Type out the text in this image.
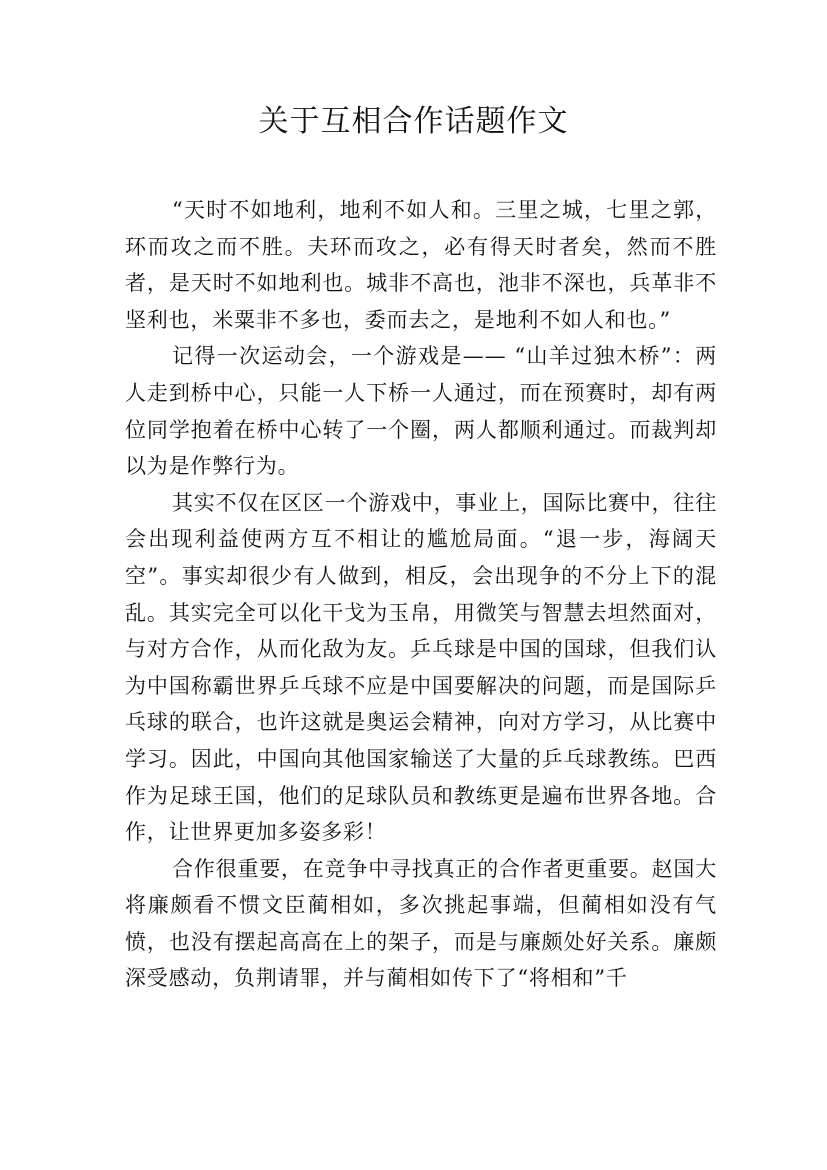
关于互相合作话题作文

“天时不如地利，地利不如人和。三里之城，七里之郭，环而攻之而不胜。夫环而攻之，必有得天时者矣，然而不胜者，是天时不如地利也。城非不高也，池非不深也，兵革非不坚利也，米粟非不多也，委而去之，是地利不如人和也。”

记得一次运动会，一个游戏是—— “山羊过独木桥”：两人走到桥中心，只能一人下桥一人通过，而在预赛时，却有两位同学抱着在桥中心转了一个圈，两人都顺利通过。而裁判却以为是作弊行为。

其实不仅在区区一个游戏中，事业上，国际比赛中，往往会出现利益使两方互不相让的尴尬局面。“退一步，海阔天空”。事实却很少有人做到，相反，会出现争的不分上下的混乱。其实完全可以化干戈为玉帛，用微笑与智慧去坦然面对，与对方合作，从而化敌为友。乒乓球是中国的国球，但我们认为中国称霸世界乒乓球不应是中国要解决的问题，而是国际乒乓球的联合，也许这就是奥运会精神，向对方学习，从比赛中学习。因此，中国向其他国家输送了大量的乒乓球教练。巴西作为足球王国，他们的足球队员和教练更是遍布世界各地。合作，让世界更加多姿多彩！

合作很重要，在竞争中寻找真正的合作者更重要。赵国大将廉颇看不惯文臣蔺相如，多次挑起事端，但蔺相如没有气愤，也没有摆起高高在上的架子，而是与廉颇处好关系。廉颇深受感动，负荆请罪，并与蔺相如传下了“将相和”千
